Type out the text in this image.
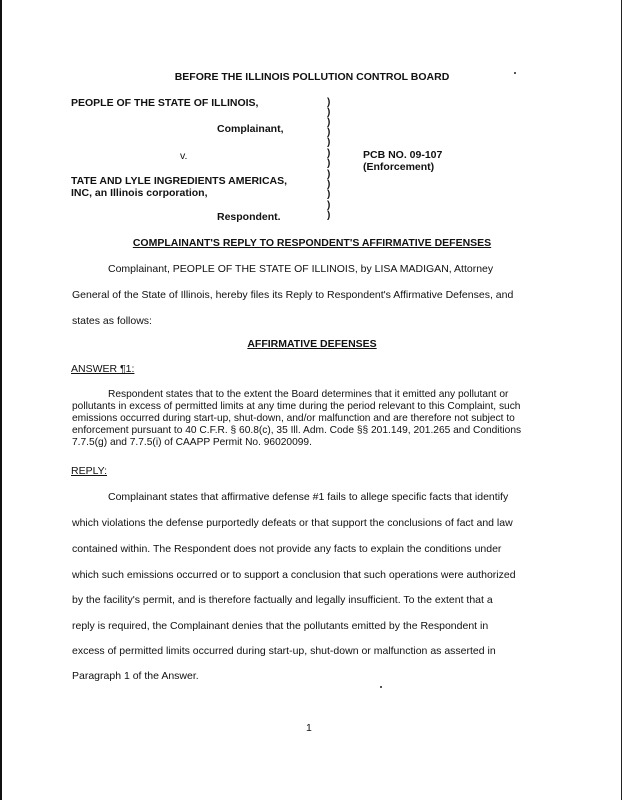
BEFORE THE ILLINOIS POLLUTION CONTROL BOARD
PEOPLE OF THE STATE OF ILLINOIS,
Complainant,
v.
TATE AND LYLE INGREDIENTS AMERICAS,
INC, an Illinois corporation,
Respondent.
)
)
)
)
)
)
)
)
)
)
)
)
PCB NO. 09-107
(Enforcement)
COMPLAINANT'S REPLY TO RESPONDENT'S AFFIRMATIVE DEFENSES
Complainant, PEOPLE OF THE STATE OF ILLINOIS, by LISA MADIGAN, Attorney
General of the State of Illinois, hereby files its Reply to Respondent's Affirmative Defenses, and
states as follows:
AFFIRMATIVE DEFENSES
ANSWER ¶1:
Respondent states that to the extent the Board determines that it emitted any pollutant or pollutants in excess of permitted limits at any time during the period relevant to this Complaint, such emissions occurred during start-up, shut-down, and/or malfunction and are therefore not subject to enforcement pursuant to 40 C.F.R. § 60.8(c), 35 Ill. Adm. Code §§ 201.149, 201.265 and Conditions 7.7.5(g) and 7.7.5(i) of CAAPP Permit No. 96020099.
REPLY:
Complainant states that affirmative defense #1 fails to allege specific facts that identify
which violations the defense purportedly defeats or that support the conclusions of fact and law
contained within. The Respondent does not provide any facts to explain the conditions under
which such emissions occurred or to support a conclusion that such operations were authorized
by the facility's permit, and is therefore factually and legally insufficient. To the extent that a
reply is required, the Complainant denies that the pollutants emitted by the Respondent in
excess of permitted limits occurred during start-up, shut-down or malfunction as asserted in
Paragraph 1 of the Answer.
1
